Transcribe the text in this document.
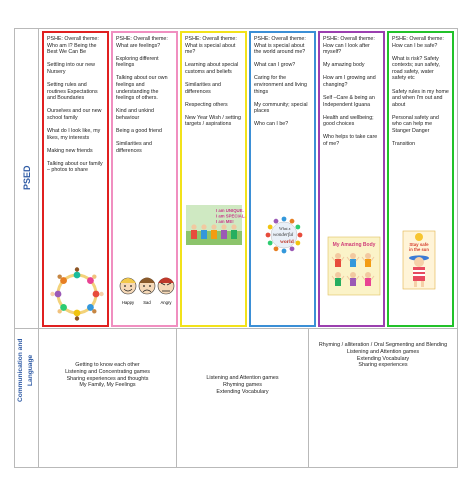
PSED
Communication and Language

PSHE: Overall theme: Who am I? Being the Best We Can Be

Settling into our new Nursery

Setting rules and routines Expectations and Boundaries

Ourselves and our new school family

What do I look like, my likes, my interests

Making new friends

Talking about our family – photos to share

PSHE: Overall theme: What are feelings?

Exploring different feelings

Talking about our own feelings and understanding the feelings of others.

Kind and unkind behaviour

Being a good friend

Similarities and differences

Happy Sad Angry

PSHE: Overall theme: What is special about me?

Learning about special customs and beliefs

Similarities and differences

Respecting others

New Year Wish / setting targets / aspirations

I am UNIQUE.
I am SPECIAL.
I am ME!

PSHE: Overall theme: What is special about the world around me?

What can I grow?

Caring for the environment and living things

My community; special places

Who can I be?

What a
wonderful
world

PSHE: Overall theme: How can I look after myself?

My amazing body

How am I growing and changing?

Self –Care & being an Independent Iguana

Health and wellbeing; good choices

Who helps to take care of me?

My Amazing Body

PSHE: Overall theme: How can I be safe?

What is risk? Safety contexts; sun safety, road safety, water safety etc

Safety rules in my home and when I'm out and about

Personal safety and who can help me Stanger Danger

Transition

Stay safe
in the sun
Getting to know each other
Listening and Concentrating games
Sharing experiences and thoughts
My Family, My Feelings
Listening and Attention games
Rhyming games
Extending Vocabulary
Rhyming / alliteration / Oral Segmenting and Blending
Listening and Attention games
Extending Vocabulary
Sharing experiences
